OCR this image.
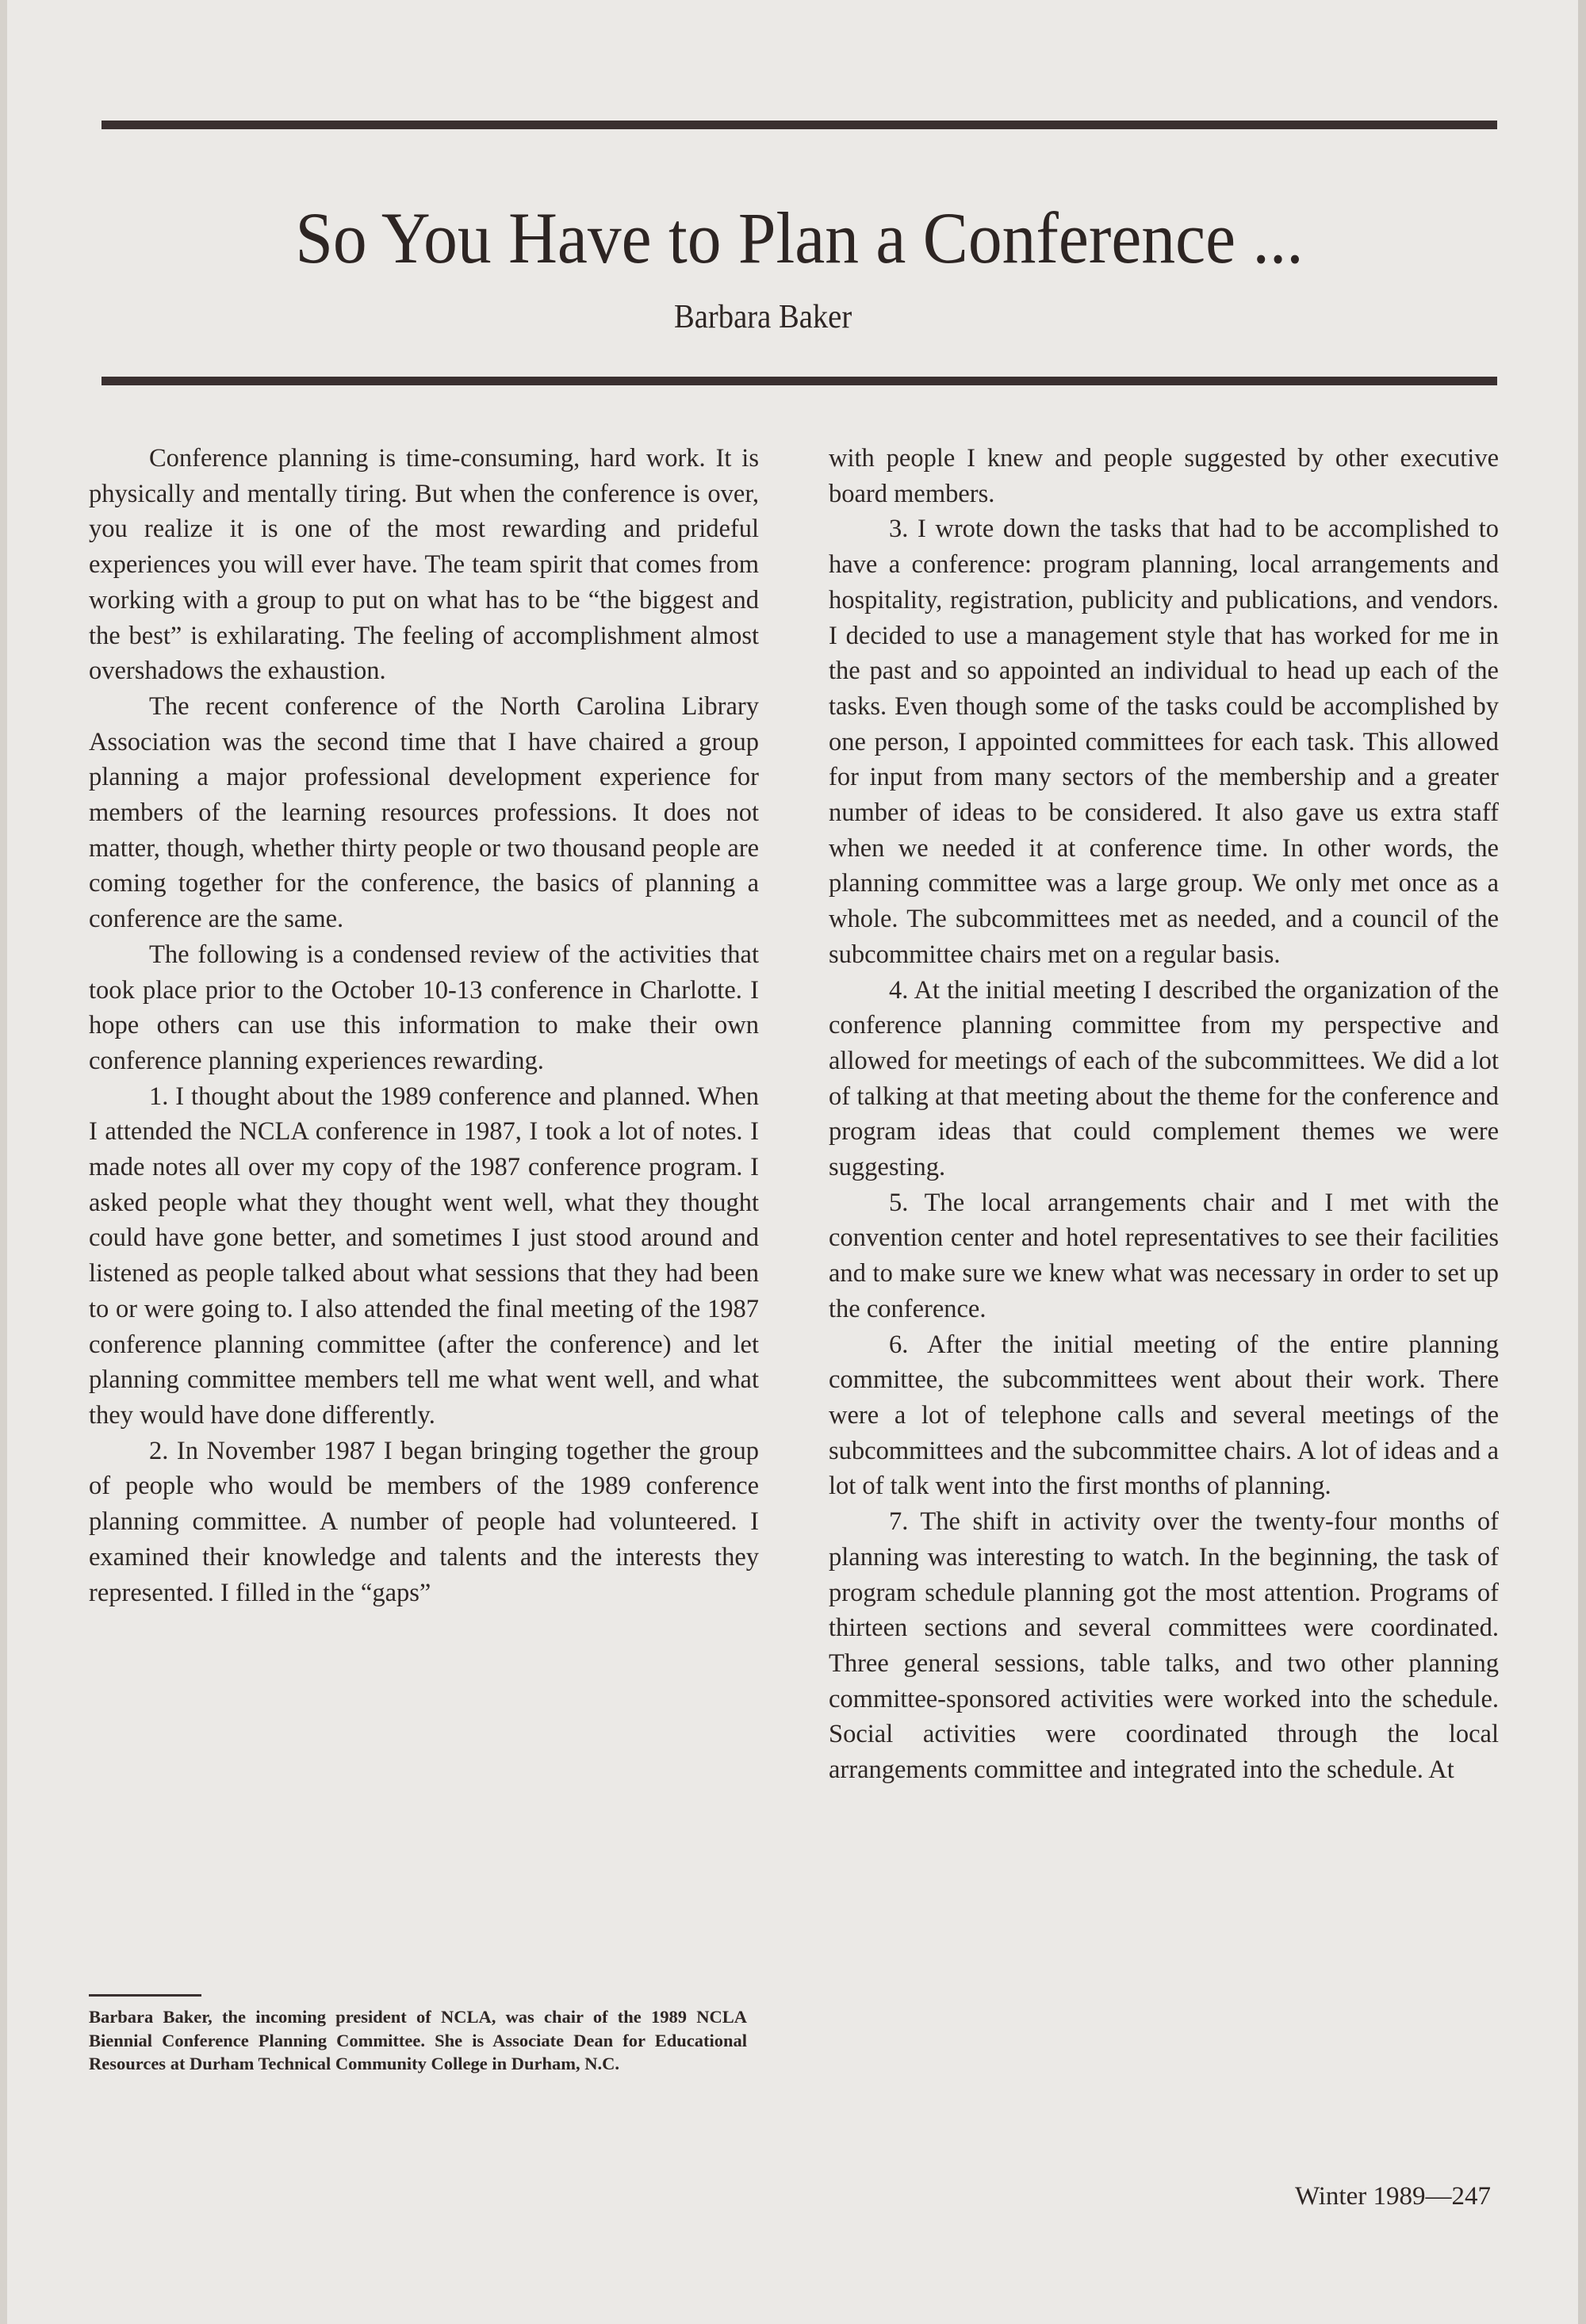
So You Have to Plan a Conference ...
Barbara Baker

Conference planning is time-consuming, hard work. It is physically and mentally tiring. But when the conference is over, you realize it is one of the most rewarding and prideful experiences you will ever have. The team spirit that comes from working with a group to put on what has to be “the biggest and the best” is exhilarating. The feeling of accomplishment almost overshadows the exhaustion.

The recent conference of the North Carolina Library Association was the second time that I have chaired a group planning a major professional development experience for members of the learning resources professions. It does not matter, though, whether thirty people or two thousand people are coming together for the conference, the basics of planning a conference are the same.

The following is a condensed review of the activities that took place prior to the October 10-13 conference in Charlotte. I hope others can use this information to make their own conference planning experiences rewarding.

1. I thought about the 1989 conference and planned. When I attended the NCLA conference in 1987, I took a lot of notes. I made notes all over my copy of the 1987 conference program. I asked people what they thought went well, what they thought could have gone better, and sometimes I just stood around and listened as people talked about what sessions that they had been to or were going to. I also attended the final meeting of the 1987 conference planning committee (after the conference) and let planning committee members tell me what went well, and what they would have done differently.

2. In November 1987 I began bringing together the group of people who would be members of the 1989 conference planning committee. A number of people had volunteered. I examined their knowledge and talents and the interests they represented. I filled in the “gaps”

Barbara Baker, the incoming president of NCLA, was chair of the 1989 NCLA Biennial Conference Planning Committee. She is Associate Dean for Educational Resources at Durham Technical Community College in Durham, N.C.

with people I knew and people suggested by other executive board members.

3. I wrote down the tasks that had to be accomplished to have a conference: program planning, local arrangements and hospitality, registration, publicity and publications, and vendors. I decided to use a management style that has worked for me in the past and so appointed an individual to head up each of the tasks. Even though some of the tasks could be accomplished by one person, I appointed committees for each task. This allowed for input from many sectors of the membership and a greater number of ideas to be considered. It also gave us extra staff when we needed it at conference time. In other words, the planning committee was a large group. We only met once as a whole. The subcommittees met as needed, and a council of the subcommittee chairs met on a regular basis.

4. At the initial meeting I described the organization of the conference planning committee from my perspective and allowed for meetings of each of the subcommittees. We did a lot of talking at that meeting about the theme for the conference and program ideas that could complement themes we were suggesting.

5. The local arrangements chair and I met with the convention center and hotel representatives to see their facilities and to make sure we knew what was necessary in order to set up the conference.

6. After the initial meeting of the entire planning committee, the subcommittees went about their work. There were a lot of telephone calls and several meetings of the subcommittees and the subcommittee chairs. A lot of ideas and a lot of talk went into the first months of planning.

7. The shift in activity over the twenty-four months of planning was interesting to watch. In the beginning, the task of program schedule planning got the most attention. Programs of thirteen sections and several committees were coordinated. Three general sessions, table talks, and two other planning committee-sponsored activities were worked into the schedule. Social activities were coordinated through the local arrangements committee and integrated into the schedule. At

Winter 1989—247
